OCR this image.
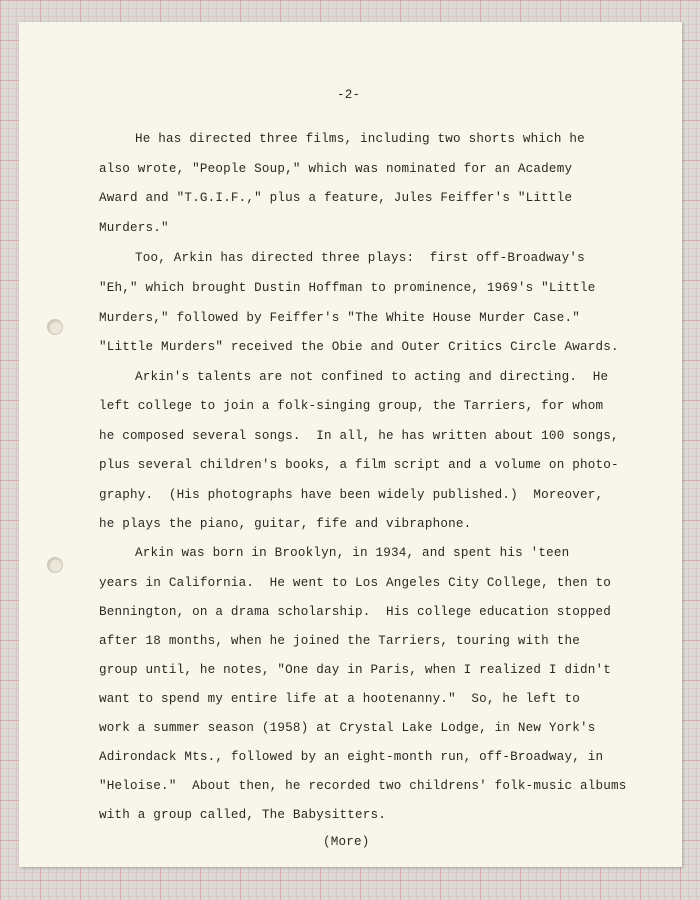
-2-
He has directed three films, including two shorts which he
also wrote, "People Soup," which was nominated for an Academy
Award and "T.G.I.F.," plus a feature, Jules Feiffer's "Little
Murders."
Too, Arkin has directed three plays:  first off-Broadway's
"Eh," which brought Dustin Hoffman to prominence, 1969's "Little
Murders," followed by Feiffer's "The White House Murder Case."
"Little Murders" received the Obie and Outer Critics Circle Awards.
Arkin's talents are not confined to acting and directing.  He
left college to join a folk-singing group, the Tarriers, for whom
he composed several songs.  In all, he has written about 100 songs,
plus several children's books, a film script and a volume on photo-
graphy.  (His photographs have been widely published.)  Moreover,
he plays the piano, guitar, fife and vibraphone.
Arkin was born in Brooklyn, in 1934, and spent his 'teen
years in California.  He went to Los Angeles City College, then to
Bennington, on a drama scholarship.  His college education stopped
after 18 months, when he joined the Tarriers, touring with the
group until, he notes, "One day in Paris, when I realized I didn't
want to spend my entire life at a hootenanny."  So, he left to
work a summer season (1958) at Crystal Lake Lodge, in New York's
Adirondack Mts., followed by an eight-month run, off-Broadway, in
"Heloise."  About then, he recorded two childrens' folk-music albums
with a group called, The Babysitters.
(More)
